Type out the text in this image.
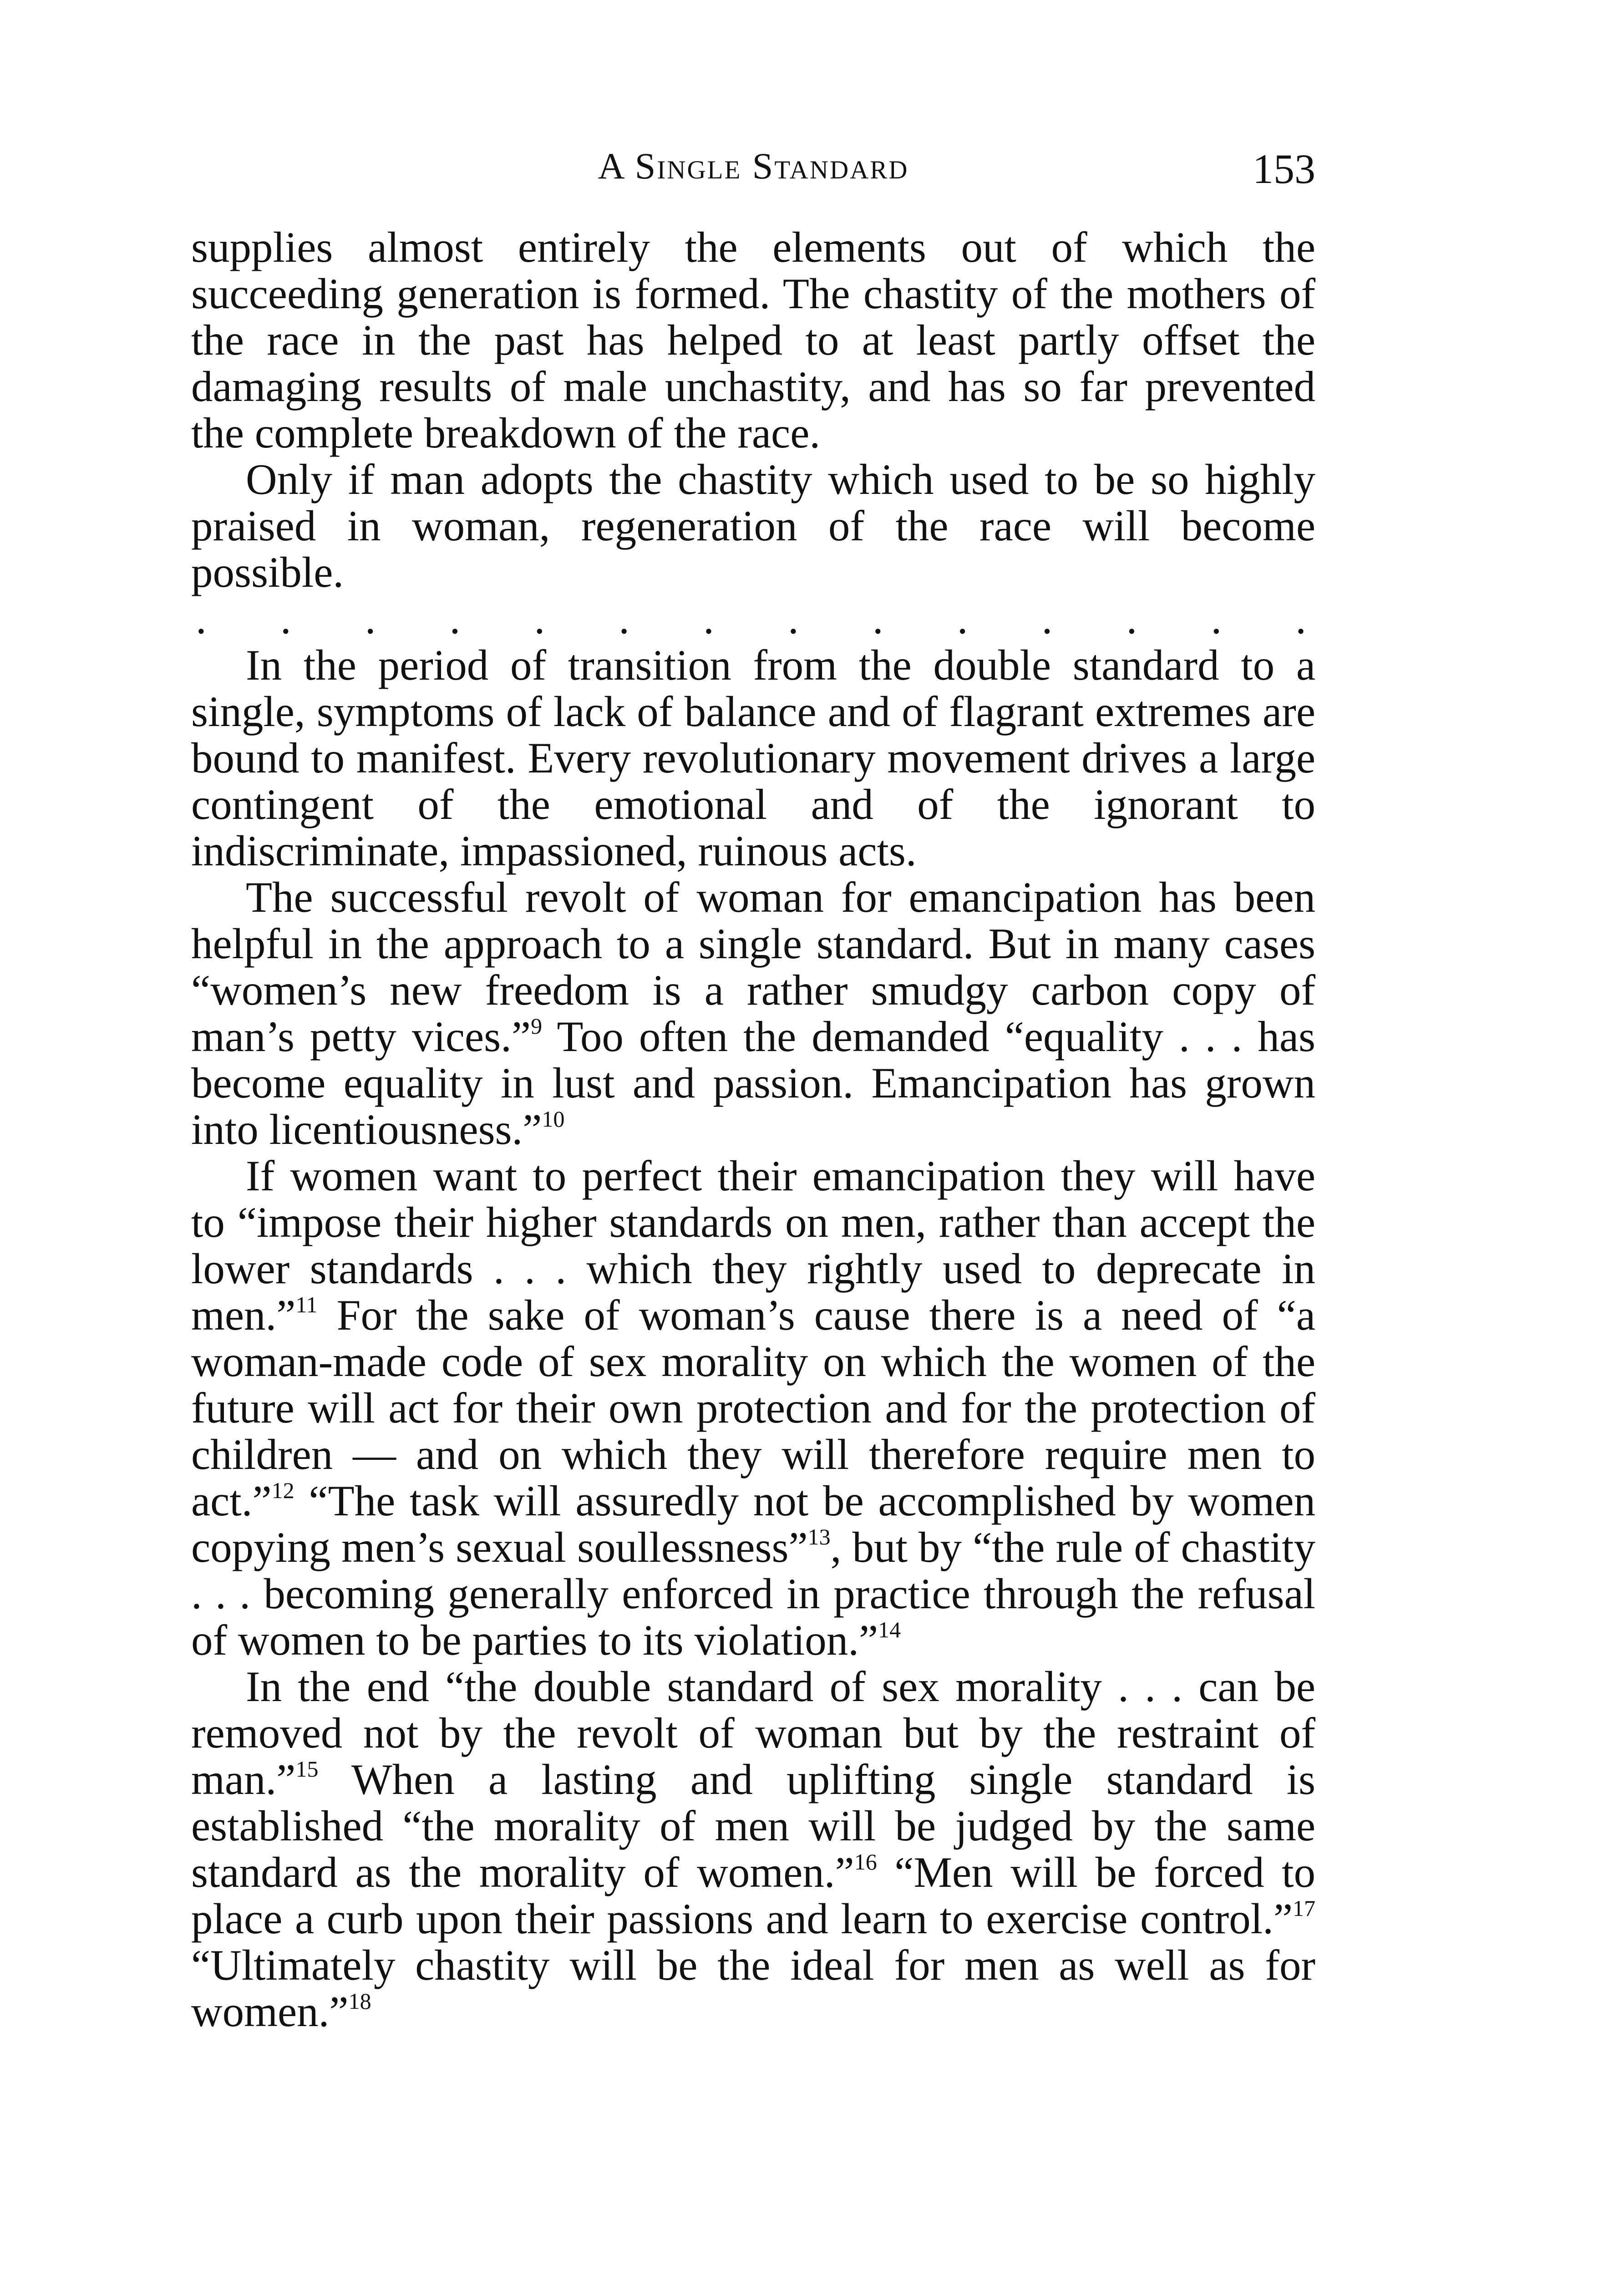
A Single Standard	153

supplies almost entirely the elements out of which the succeeding generation is formed. The chastity of the mothers of the race in the past has helped to at least partly offset the damaging results of male unchastity, and has so far prevented the complete breakdown of the race.

Only if man adopts the chastity which used to be so highly praised in woman, regeneration of the race will become possible.

. . . . . . . . . . . . . .

In the period of transition from the double standard to a single, symptoms of lack of balance and of flagrant extremes are bound to manifest. Every revolutionary movement drives a large contingent of the emotional and of the ignorant to indiscriminate, impassioned, ruinous acts.

The successful revolt of woman for emancipation has been helpful in the approach to a single standard. But in many cases “women’s new freedom is a rather smudgy carbon copy of man’s petty vices.”$^9$ Too often the demanded “equality . . . has become equality in lust and passion. Emancipation has grown into licentiousness.”$^{10}$

If women want to perfect their emancipation they will have to “impose their higher standards on men, rather than accept the lower standards . . . which they rightly used to deprecate in men.”$^{11}$ For the sake of woman’s cause there is a need of “a woman-made code of sex morality on which the women of the future will act for their own protection and for the protection of children — and on which they will therefore require men to act.”$^{12}$ “The task will assuredly not be accomplished by women copying men’s sexual soullessness”$^{13}$, but by “the rule of chastity . . . becoming generally enforced in practice through the refusal of women to be parties to its violation.”$^{14}$

In the end “the double standard of sex morality . . . can be removed not by the revolt of woman but by the restraint of man.”$^{15}$ When a lasting and uplifting single standard is established “the morality of men will be judged by the same standard as the morality of women.”$^{16}$ “Men will be forced to place a curb upon their passions and learn to exercise control.”$^{17}$ “Ultimately chastity will be the ideal for men as well as for women.”$^{18}$
